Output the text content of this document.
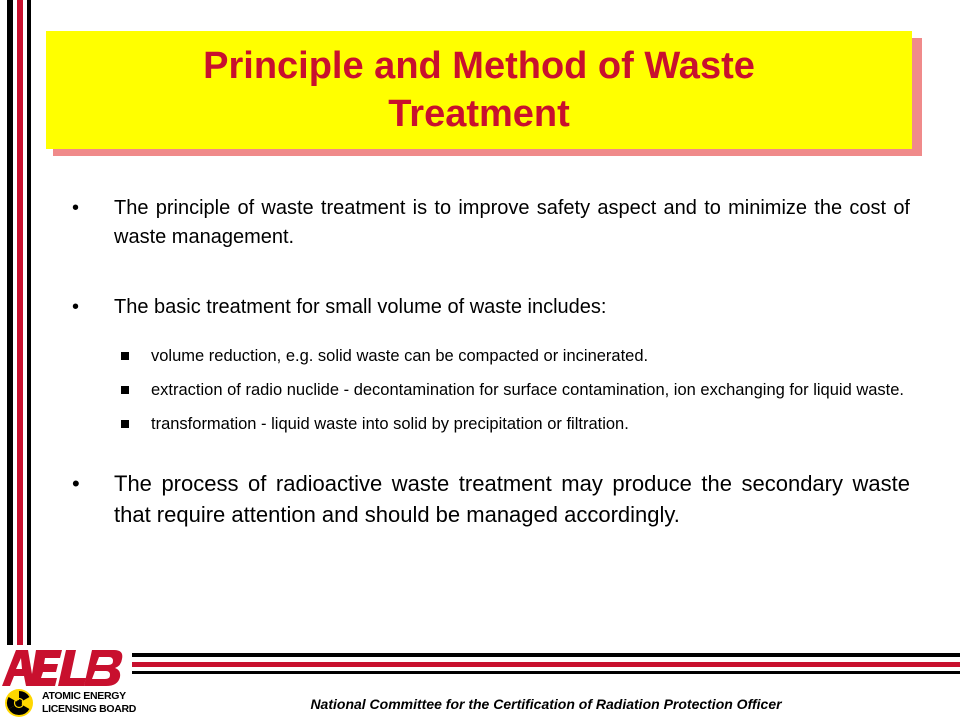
Principle and Method of Waste Treatment
• The principle of waste treatment is to improve safety aspect and to minimize the cost of waste management.
• The basic treatment for small volume of waste includes:
volume reduction, e.g. solid waste can be compacted or incinerated.
extraction of radio nuclide - decontamination for surface contamination, ion exchanging for liquid waste.
transformation - liquid waste into solid by precipitation or filtration.
• The process of radioactive waste treatment may produce the secondary waste that require attention and should be managed accordingly.
ATOMIC ENERGY
LICENSING BOARD	National Committee for the Certification of Radiation Protection Officer
